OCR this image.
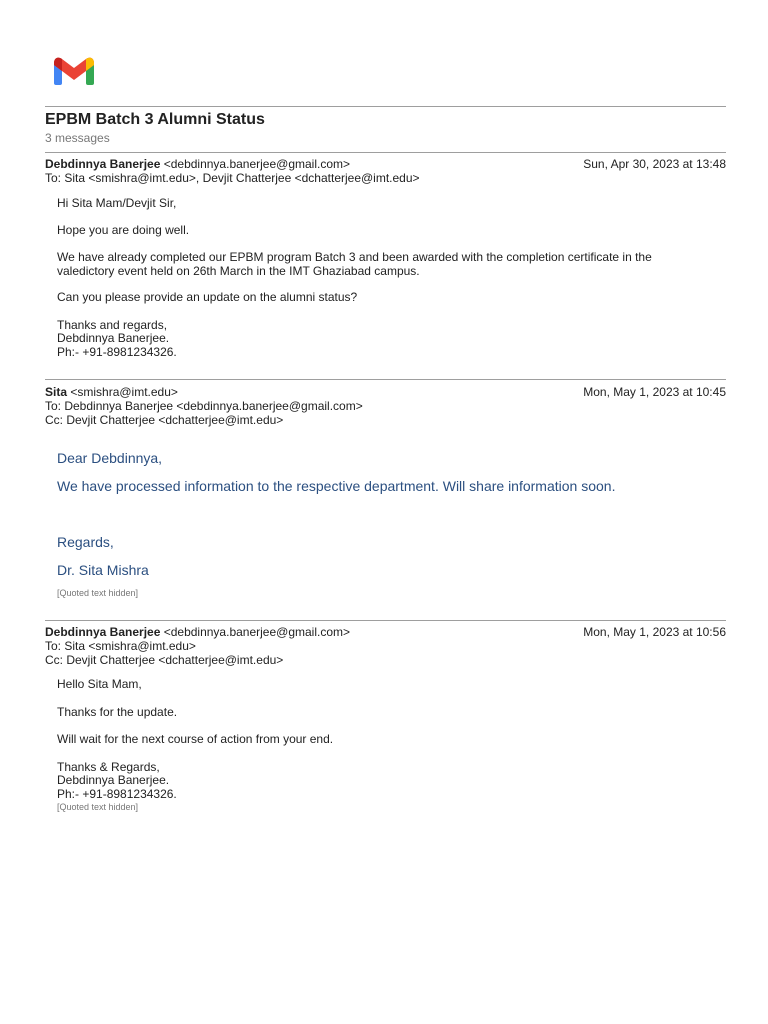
EPBM Batch 3 Alumni Status
3 messages
Debdinnya Banerjee <debdinnya.banerjee@gmail.com>	Sun, Apr 30, 2023 at 13:48
To: Sita <smishra@imt.edu>, Devjit Chatterjee <dchatterjee@imt.edu>

Hi Sita Mam/Devjit Sir,

Hope you are doing well.

We have already completed our EPBM program Batch 3 and been awarded with the completion certificate in the

valedictory event held on 26th March in the IMT Ghaziabad campus.

Can you please provide an update on the alumni status?

Thanks and regards,

Debdinnya Banerjee.

Ph:- +91-8981234326.

Sita <smishra@imt.edu>	Mon, May 1, 2023 at 10:45
To: Debdinnya Banerjee <debdinnya.banerjee@gmail.com>
Cc: Devjit Chatterjee <dchatterjee@imt.edu>

Dear Debdinnya,

We have processed information to the respective department. Will share information soon.

Regards,

Dr. Sita Mishra

[Quoted text hidden]

Debdinnya Banerjee <debdinnya.banerjee@gmail.com>	Mon, May 1, 2023 at 10:56
To: Sita <smishra@imt.edu>
Cc: Devjit Chatterjee <dchatterjee@imt.edu>

Hello Sita Mam,

Thanks for the update.

Will wait for the next course of action from your end.

Thanks & Regards,

Debdinnya Banerjee.

Ph:- +91-8981234326.

[Quoted text hidden]
